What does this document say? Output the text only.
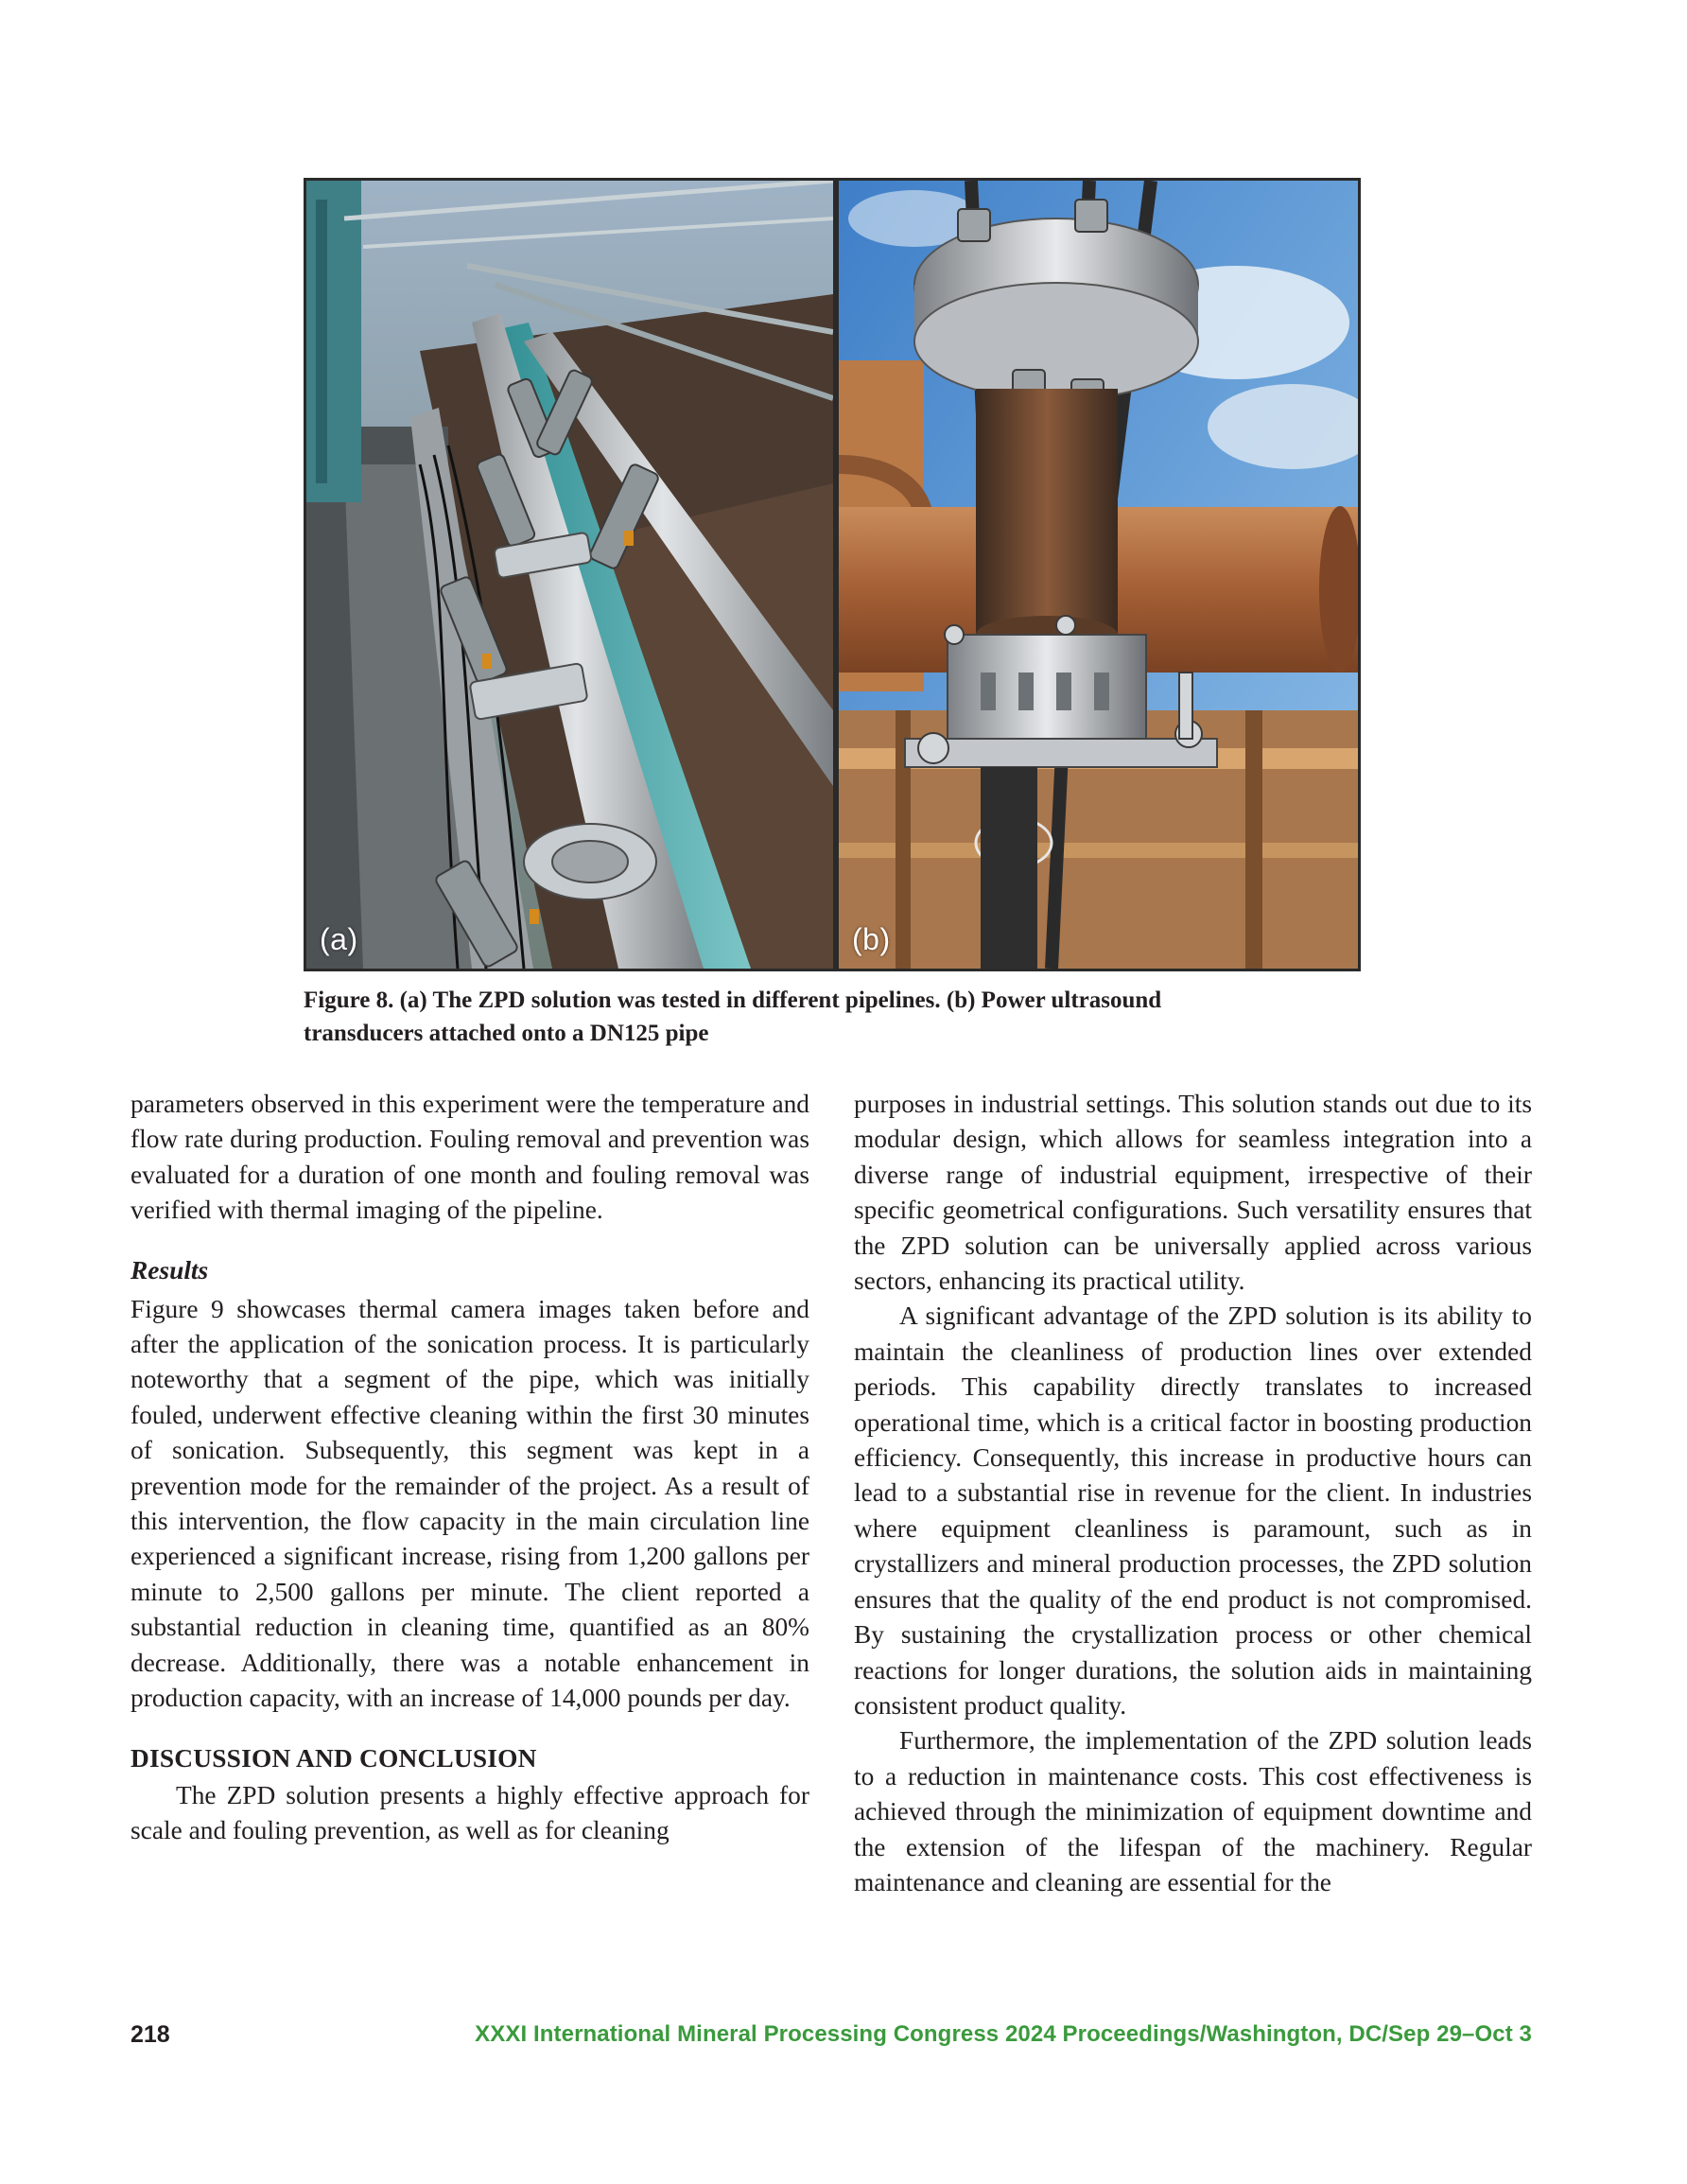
(a)	(b)
Figure 8. (a) The ZPD solution was tested in different pipelines. (b) Power ultrasound
transducers attached onto a DN125 pipe

parameters observed in this experiment were the temperature and flow rate during production. Fouling removal and prevention was evaluated for a duration of one month and fouling removal was verified with thermal imaging of the pipeline.

Results

Figure 9 showcases thermal camera images taken before and after the application of the sonication process. It is particularly noteworthy that a segment of the pipe, which was initially fouled, underwent effective cleaning within the first 30 minutes of sonication. Subsequently, this segment was kept in a prevention mode for the remainder of the project. As a result of this intervention, the flow capacity in the main circulation line experienced a significant increase, rising from 1,200 gallons per minute to 2,500 gallons per minute. The client reported a substantial reduction in cleaning time, quantified as an 80% decrease. Additionally, there was a notable enhancement in production capacity, with an increase of 14,000 pounds per day.

DISCUSSION AND CONCLUSION

The ZPD solution presents a highly effective approach for scale and fouling prevention, as well as for cleaning

purposes in industrial settings. This solution stands out due to its modular design, which allows for seamless integration into a diverse range of industrial equipment, irrespective of their specific geometrical configurations. Such versatility ensures that the ZPD solution can be universally applied across various sectors, enhancing its practical utility.

A significant advantage of the ZPD solution is its ability to maintain the cleanliness of production lines over extended periods. This capability directly translates to increased operational time, which is a critical factor in boosting production efficiency. Consequently, this increase in productive hours can lead to a substantial rise in revenue for the client. In industries where equipment cleanliness is paramount, such as in crystallizers and mineral production processes, the ZPD solution ensures that the quality of the end product is not compromised. By sustaining the crystallization process or other chemical reactions for longer durations, the solution aids in maintaining consistent product quality.

Furthermore, the implementation of the ZPD solution leads to a reduction in maintenance costs. This cost effectiveness is achieved through the minimization of equipment downtime and the extension of the lifespan of the machinery. Regular maintenance and cleaning are essential for the

218	XXXI International Mineral Processing Congress 2024 Proceedings/Washington, DC/Sep 29–Oct 3
